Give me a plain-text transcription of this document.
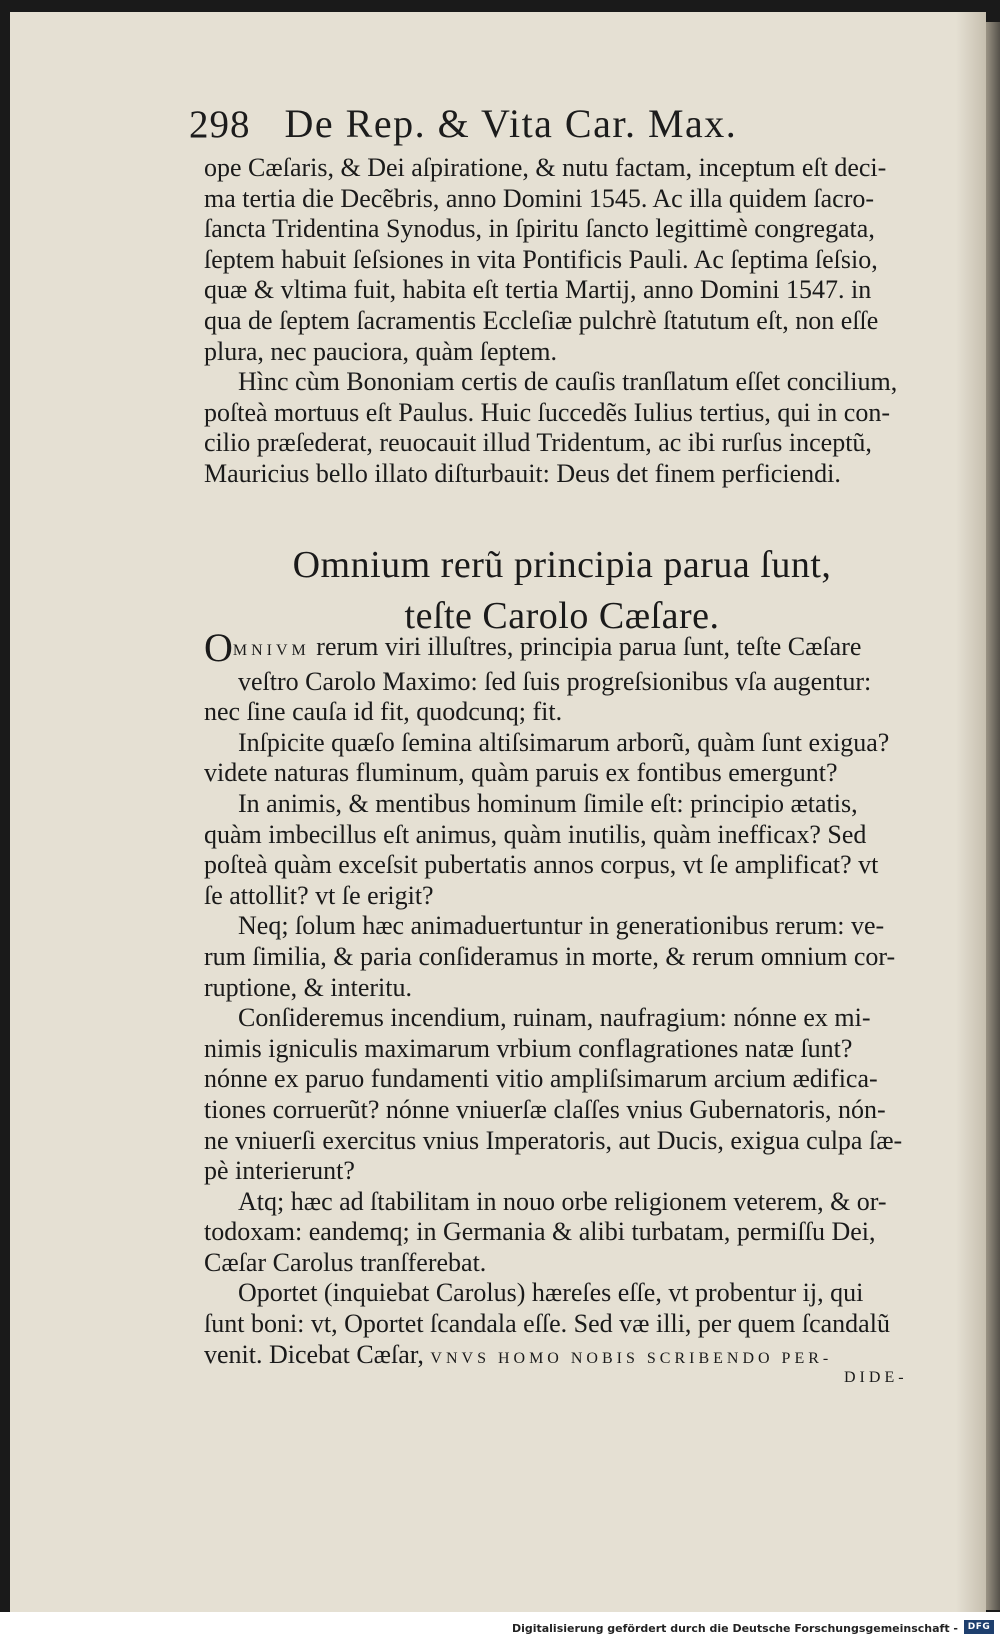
298 De Rep. & Vita Car. Max.
ope Cæſaris, & Dei aſpiratione, & nutu factam, inceptum eſt deci-
ma tertia die Decẽbris, anno Domini 1545. Ac illa quidem ſacro-
ſancta Tridentina Synodus, in ſpiritu ſancto legittimè congregata,
ſeptem habuit ſeſsiones in vita Pontificis Pauli. Ac ſeptima ſeſsio,
quæ & vltima fuit, habita eſt tertia Martij, anno Domini 1547. in
qua de ſeptem ſacramentis Eccleſiæ pulchrè ſtatutum eſt, non eſſe
plura, nec pauciora, quàm ſeptem.
Hìnc cùm Bononiam certis de cauſis tranſlatum eſſet concilium,
poſteà mortuus eſt Paulus. Huic ſuccedẽs Iulius tertius, qui in con-
cilio præſederat, reuocauit illud Tridentum, ac ibi rurſus inceptũ,
Mauricius bello illato diſturbauit: Deus det finem perficiendi.
Omnium rerũ principia parua ſunt,
teſte Carolo Cæſare.
OMNIVM rerum viri illuſtres, principia parua ſunt, teſte Cæſare
veſtro Carolo Maximo: ſed ſuis progreſsionibus vſa augentur:
nec ſine cauſa id fit, quodcunq; fit.
Inſpicite quæſo ſemina altiſsimarum arborũ, quàm ſunt exigua?
videte naturas fluminum, quàm paruis ex fontibus emergunt?
In animis, & mentibus hominum ſimile eſt: principio ætatis,
quàm imbecillus eſt animus, quàm inutilis, quàm inefficax? Sed
poſteà quàm exceſsit pubertatis annos corpus, vt ſe amplificat? vt
ſe attollit? vt ſe erigit?
Neq; ſolum hæc animaduertuntur in generationibus rerum: ve-
rum ſimilia, & paria conſideramus in morte, & rerum omnium cor-
ruptione, & interitu.
Conſideremus incendium, ruinam, naufragium: nónne ex mi-
nimis igniculis maximarum vrbium conflagrationes natæ ſunt?
nónne ex paruo fundamenti vitio ampliſsimarum arcium ædifica-
tiones corruerũt? nónne vniuerſæ claſſes vnius Gubernatoris, nón-
ne vniuerſi exercitus vnius Imperatoris, aut Ducis, exigua culpa ſæ-
pè interierunt?
Atq; hæc ad ſtabilitam in nouo orbe religionem veterem, & or-
todoxam: eandemq; in Germania & alibi turbatam, permiſſu Dei,
Cæſar Carolus tranſferebat.
Oportet (inquiebat Carolus) hæreſes eſſe, vt probentur ij, qui
ſunt boni: vt, Oportet ſcandala eſſe. Sed væ illi, per quem ſcandalũ
venit. Dicebat Cæſar, VNVS HOMO NOBIS SCRIBENDO PER-
DIDE-
Digitalisierung gefördert durch die Deutsche Forschungsgemeinschaft -	DFG
